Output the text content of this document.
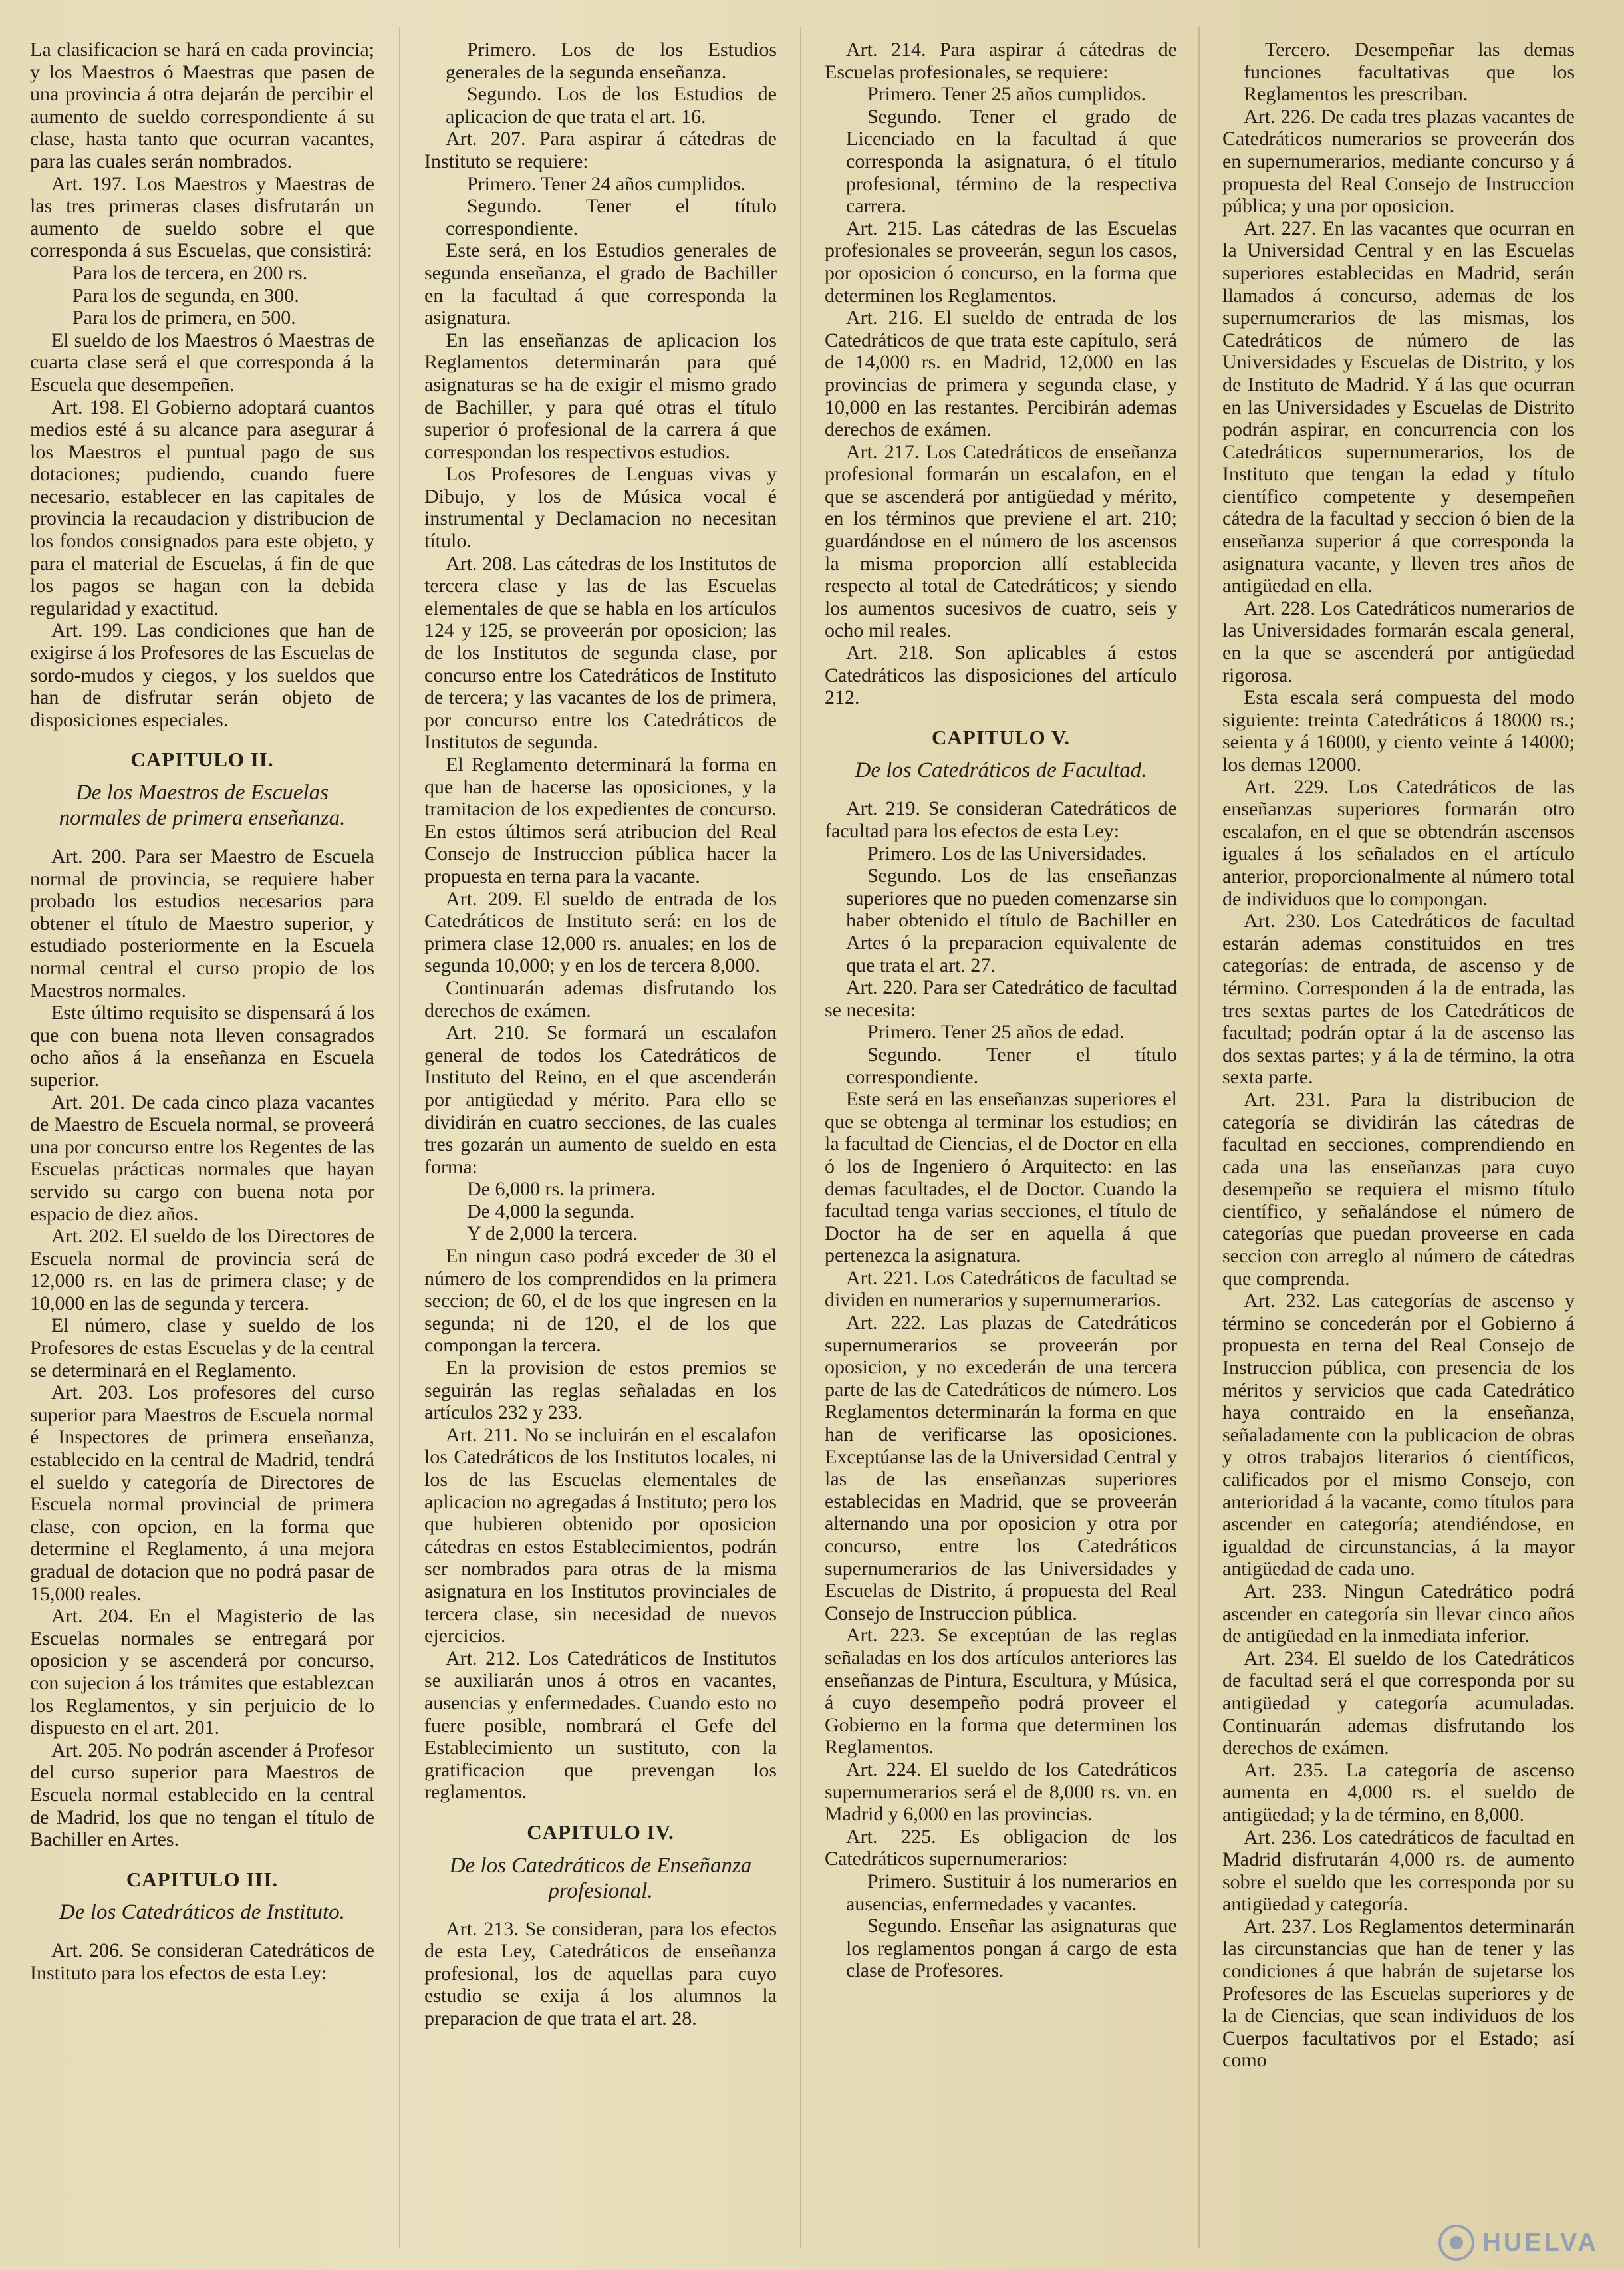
La clasificacion se hará en cada provincia; y los Maestros ó Maestras que pasen de una provincia á otra dejarán de percibir el aumento de sueldo correspondiente á su clase, hasta tanto que ocurran vacantes, para las cuales serán nombrados.

Art. 197. Los Maestros y Maestras de las tres primeras clases disfrutarán un aumento de sueldo sobre el que corresponda á sus Escuelas, que consistirá:

Para los de tercera, en 200 rs.

Para los de segunda, en 300.

Para los de primera, en 500.

El sueldo de los Maestros ó Maestras de cuarta clase será el que corresponda á la Escuela que desempeñen.

Art. 198. El Gobierno adoptará cuantos medios esté á su alcance para asegurar á los Maestros el puntual pago de sus dotaciones; pudiendo, cuando fuere necesario, establecer en las capitales de provincia la recaudacion y distribucion de los fondos consignados para este objeto, y para el material de Escuelas, á fin de que los pagos se hagan con la debida regularidad y exactitud.

Art. 199. Las condiciones que han de exigirse á los Profesores de las Escuelas de sordo-mudos y ciegos, y los sueldos que han de disfrutar serán objeto de disposiciones especiales.

CAPITULO II.
De los Maestros de Escuelas normales de primera enseñanza.

Art. 200. Para ser Maestro de Escuela normal de provincia, se requiere haber probado los estudios necesarios para obtener el título de Maestro superior, y estudiado posteriormente en la Escuela normal central el curso propio de los Maestros normales.

Este último requisito se dispensará á los que con buena nota lleven consagrados ocho años á la enseñanza en Escuela superior.

Art. 201. De cada cinco plaza vacantes de Maestro de Escuela normal, se proveerá una por concurso entre los Regentes de las Escuelas prácticas normales que hayan servido su cargo con buena nota por espacio de diez años.

Art. 202. El sueldo de los Directores de Escuela normal de provincia será de 12,000 rs. en las de primera clase; y de 10,000 en las de segunda y tercera.

El número, clase y sueldo de los Profesores de estas Escuelas y de la central se determinará en el Reglamento.

Art. 203. Los profesores del curso superior para Maestros de Escuela normal é Inspectores de primera enseñanza, establecido en la central de Madrid, tendrá el sueldo y categoría de Directores de Escuela normal provincial de primera clase, con opcion, en la forma que determine el Reglamento, á una mejora gradual de dotacion que no podrá pasar de 15,000 reales.

Art. 204. En el Magisterio de las Escuelas normales se entregará por oposicion y se ascenderá por concurso, con sujecion á los trámites que establezcan los Reglamentos, y sin perjuicio de lo dispuesto en el art. 201.

Art. 205. No podrán ascender á Profesor del curso superior para Maestros de Escuela normal establecido en la central de Madrid, los que no tengan el título de Bachiller en Artes.

CAPITULO III.
De los Catedráticos de Instituto.

Art. 206. Se consideran Catedráticos de Instituto para los efectos de esta Ley:

Primero. Los de los Estudios generales de la segunda enseñanza.

Segundo. Los de los Estudios de aplicacion de que trata el art. 16.

Art. 207. Para aspirar á cátedras de Instituto se requiere:

Primero. Tener 24 años cumplidos.

Segundo. Tener el título correspondiente.

Este será, en los Estudios generales de segunda enseñanza, el grado de Bachiller en la facultad á que corresponda la asignatura.

En las enseñanzas de aplicacion los Reglamentos determinarán para qué asignaturas se ha de exigir el mismo grado de Bachiller, y para qué otras el título superior ó profesional de la carrera á que correspondan los respectivos estudios.

Los Profesores de Lenguas vivas y Dibujo, y los de Música vocal é instrumental y Declamacion no necesitan título.

Art. 208. Las cátedras de los Institutos de tercera clase y las de las Escuelas elementales de que se habla en los artículos 124 y 125, se proveerán por oposicion; las de los Institutos de segunda clase, por concurso entre los Catedráticos de Instituto de tercera; y las vacantes de los de primera, por concurso entre los Catedráticos de Institutos de segunda.

El Reglamento determinará la forma en que han de hacerse las oposiciones, y la tramitacion de los expedientes de concurso. En estos últimos será atribucion del Real Consejo de Instruccion pública hacer la propuesta en terna para la vacante.

Art. 209. El sueldo de entrada de los Catedráticos de Instituto será: en los de primera clase 12,000 rs. anuales; en los de segunda 10,000; y en los de tercera 8,000.

Continuarán ademas disfrutando los derechos de exámen.

Art. 210. Se formará un escalafon general de todos los Catedráticos de Instituto del Reino, en el que ascenderán por antigüedad y mérito. Para ello se dividirán en cuatro secciones, de las cuales tres gozarán un aumento de sueldo en esta forma:

De 6,000 rs. la primera.

De 4,000 la segunda.

Y de 2,000 la tercera.

En ningun caso podrá exceder de 30 el número de los comprendidos en la primera seccion; de 60, el de los que ingresen en la segunda; ni de 120, el de los que compongan la tercera.

En la provision de estos premios se seguirán las reglas señaladas en los artículos 232 y 233.

Art. 211. No se incluirán en el escalafon los Catedráticos de los Institutos locales, ni los de las Escuelas elementales de aplicacion no agregadas á Instituto; pero los que hubieren obtenido por oposicion cátedras en estos Establecimientos, podrán ser nombrados para otras de la misma asignatura en los Institutos provinciales de tercera clase, sin necesidad de nuevos ejercicios.

Art. 212. Los Catedráticos de Institutos se auxiliarán unos á otros en vacantes, ausencias y enfermedades. Cuando esto no fuere posible, nombrará el Gefe del Establecimiento un sustituto, con la gratificacion que prevengan los reglamentos.

CAPITULO IV.
De los Catedráticos de Enseñanza profesional.

Art. 213. Se consideran, para los efectos de esta Ley, Catedráticos de enseñanza profesional, los de aquellas para cuyo estudio se exija á los alumnos la preparacion de que trata el art. 28.

Art. 214. Para aspirar á cátedras de Escuelas profesionales, se requiere:

Primero. Tener 25 años cumplidos.

Segundo. Tener el grado de Licenciado en la facultad á que corresponda la asignatura, ó el título profesional, término de la respectiva carrera.

Art. 215. Las cátedras de las Escuelas profesionales se proveerán, segun los casos, por oposicion ó concurso, en la forma que determinen los Reglamentos.

Art. 216. El sueldo de entrada de los Catedráticos de que trata este capítulo, será de 14,000 rs. en Madrid, 12,000 en las provincias de primera y segunda clase, y 10,000 en las restantes. Percibirán ademas derechos de exámen.

Art. 217. Los Catedráticos de enseñanza profesional formarán un escalafon, en el que se ascenderá por antigüedad y mérito, en los términos que previene el art. 210; guardándose en el número de los ascensos la misma proporcion allí establecida respecto al total de Catedráticos; y siendo los aumentos sucesivos de cuatro, seis y ocho mil reales.

Art. 218. Son aplicables á estos Catedráticos las disposiciones del artículo 212.

CAPITULO V.
De los Catedráticos de Facultad.

Art. 219. Se consideran Catedráticos de facultad para los efectos de esta Ley:

Primero. Los de las Universidades.

Segundo. Los de las enseñanzas superiores que no pueden comenzarse sin haber obtenido el título de Bachiller en Artes ó la preparacion equivalente de que trata el art. 27.

Art. 220. Para ser Catedrático de facultad se necesita:

Primero. Tener 25 años de edad.

Segundo. Tener el título correspondiente.

Este será en las enseñanzas superiores el que se obtenga al terminar los estudios; en la facultad de Ciencias, el de Doctor en ella ó los de Ingeniero ó Arquitecto: en las demas facultades, el de Doctor. Cuando la facultad tenga varias secciones, el título de Doctor ha de ser en aquella á que pertenezca la asignatura.

Art. 221. Los Catedráticos de facultad se dividen en numerarios y supernumerarios.

Art. 222. Las plazas de Catedráticos supernumerarios se proveerán por oposicion, y no excederán de una tercera parte de las de Catedráticos de número. Los Reglamentos determinarán la forma en que han de verificarse las oposiciones. Exceptúanse las de la Universidad Central y las de las enseñanzas superiores establecidas en Madrid, que se proveerán alternando una por oposicion y otra por concurso, entre los Catedráticos supernumerarios de las Universidades y Escuelas de Distrito, á propuesta del Real Consejo de Instruccion pública.

Art. 223. Se exceptúan de las reglas señaladas en los dos artículos anteriores las enseñanzas de Pintura, Escultura, y Música, á cuyo desempeño podrá proveer el Gobierno en la forma que determinen los Reglamentos.

Art. 224. El sueldo de los Catedráticos supernumerarios será el de 8,000 rs. vn. en Madrid y 6,000 en las provincias.

Art. 225. Es obligacion de los Catedráticos supernumerarios:

Primero. Sustituir á los numerarios en ausencias, enfermedades y vacantes.

Segundo. Enseñar las asignaturas que los reglamentos pongan á cargo de esta clase de Profesores.

Tercero. Desempeñar las demas funciones facultativas que los Reglamentos les prescriban.

Art. 226. De cada tres plazas vacantes de Catedráticos numerarios se proveerán dos en supernumerarios, mediante concurso y á propuesta del Real Consejo de Instruccion pública; y una por oposicion.

Art. 227. En las vacantes que ocurran en la Universidad Central y en las Escuelas superiores establecidas en Madrid, serán llamados á concurso, ademas de los supernumerarios de las mismas, los Catedráticos de número de las Universidades y Escuelas de Distrito, y los de Instituto de Madrid. Y á las que ocurran en las Universidades y Escuelas de Distrito podrán aspirar, en concurrencia con los Catedráticos supernumerarios, los de Instituto que tengan la edad y título científico competente y desempeñen cátedra de la facultad y seccion ó bien de la enseñanza superior á que corresponda la asignatura vacante, y lleven tres años de antigüedad en ella.

Art. 228. Los Catedráticos numerarios de las Universidades formarán escala general, en la que se ascenderá por antigüedad rigorosa.

Esta escala será compuesta del modo siguiente: treinta Catedráticos á 18000 rs.; seienta y á 16000, y ciento veinte á 14000; los demas 12000.

Art. 229. Los Catedráticos de las enseñanzas superiores formarán otro escalafon, en el que se obtendrán ascensos iguales á los señalados en el artículo anterior, proporcionalmente al número total de individuos que lo compongan.

Art. 230. Los Catedráticos de facultad estarán ademas constituidos en tres categorías: de entrada, de ascenso y de término. Corresponden á la de entrada, las tres sextas partes de los Catedráticos de facultad; podrán optar á la de ascenso las dos sextas partes; y á la de término, la otra sexta parte.

Art. 231. Para la distribucion de categoría se dividirán las cátedras de facultad en secciones, comprendiendo en cada una las enseñanzas para cuyo desempeño se requiera el mismo título científico, y señalándose el número de categorías que puedan proveerse en cada seccion con arreglo al número de cátedras que comprenda.

Art. 232. Las categorías de ascenso y término se concederán por el Gobierno á propuesta en terna del Real Consejo de Instruccion pública, con presencia de los méritos y servicios que cada Catedrático haya contraido en la enseñanza, señaladamente con la publicacion de obras y otros trabajos literarios ó científicos, calificados por el mismo Consejo, con anterioridad á la vacante, como títulos para ascender en categoría; atendiéndose, en igualdad de circunstancias, á la mayor antigüedad de cada uno.

Art. 233. Ningun Catedrático podrá ascender en categoría sin llevar cinco años de antigüedad en la inmediata inferior.

Art. 234. El sueldo de los Catedráticos de facultad será el que corresponda por su antigüedad y categoría acumuladas. Continuarán ademas disfrutando los derechos de exámen.

Art. 235. La categoría de ascenso aumenta en 4,000 rs. el sueldo de antigüedad; y la de término, en 8,000.

Art. 236. Los catedráticos de facultad en Madrid disfrutarán 4,000 rs. de aumento sobre el sueldo que les corresponda por su antigüedad y categoría.

Art. 237. Los Reglamentos determinarán las circunstancias que han de tener y las condiciones á que habrán de sujetarse los Profesores de las Escuelas superiores y de la de Ciencias, que sean individuos de los Cuerpos facultativos por el Estado; así como

HUELVA
